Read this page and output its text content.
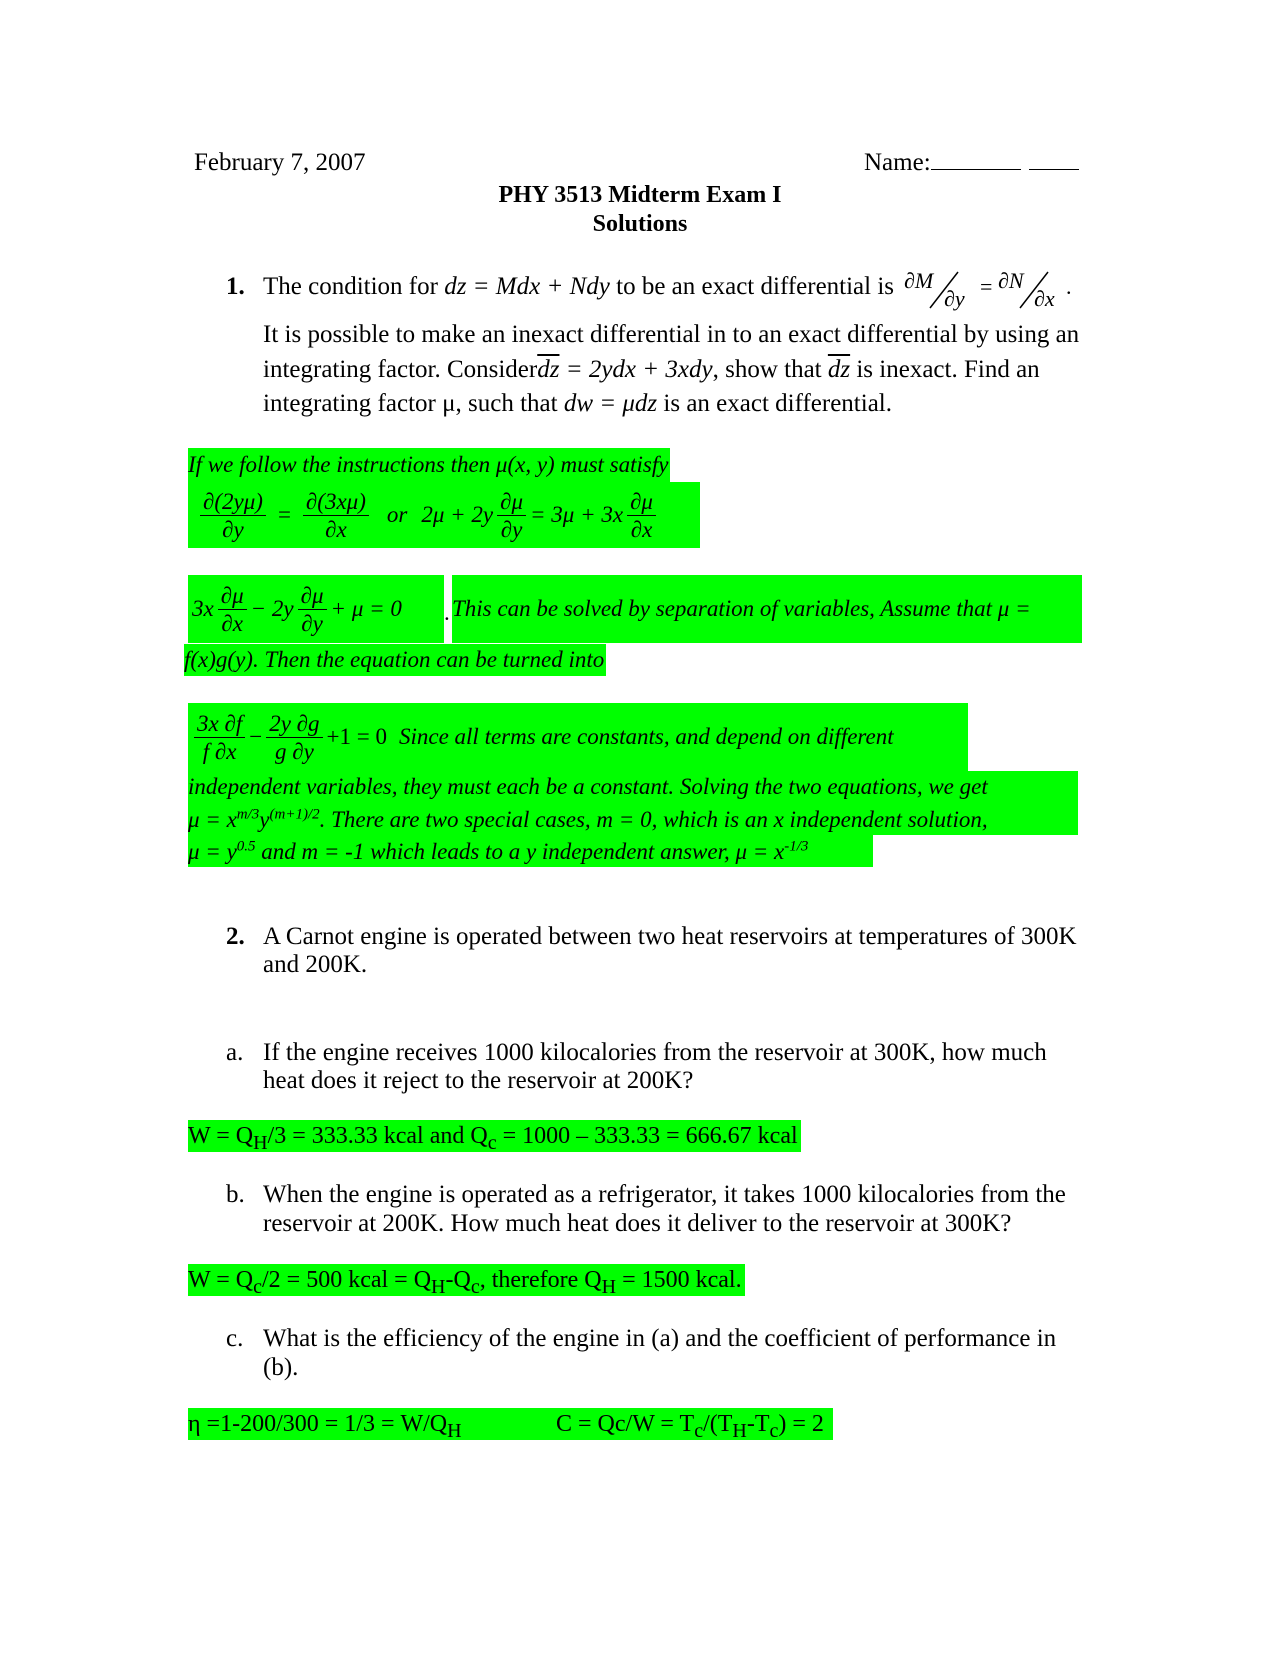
February 7, 2007	Name:
PHY 3513 Midterm Exam I
Solutions
1. The condition for dz = Mdx + Ndy to be an exact differential is ∂M
∂y = ∂N
∂x .
It is possible to make an inexact differential in to an exact differential by using an
integrating factor. $Consider\overline{dz} = 2ydx + 3xdy$, show that $\overline{dz}$ is inexact. Find an
integrating factor μ, such that dw = μdz is an exact differential.
If we follow the instructions then μ(x, y) must satisfy
$\frac{\partial(2y\mu)}{\partial y} = \frac{\partial(3x\mu)}{\partial x}$ or $2\mu + 2y \frac{\partial\mu}{\partial y} = 3\mu + 3x \frac{\partial\mu}{\partial x}$
$3x \frac{\partial\mu}{\partial x} - 2y \frac{\partial\mu}{\partial y} + \mu = 0$ . This can be solved by separation of variables, Assume that μ =
f(x)g(y). Then the equation can be turned into
$\frac{3x \partial f}{f \partial x} - \frac{2y \partial g}{g \partial y} +1 = 0$ Since all terms are constants, and depend on different
independent variables, they must each be a constant. Solving the two equations, we get
$\mu = x^{m/3}y^{(m+1)/2}$. There are two special cases, m = 0, which is an x independent solution,
$\mu = y^{0.5}$ and m = -1 which leads to a y independent answer, $\mu = x^{-1/3}$
2. A Carnot engine is operated between two heat reservoirs at temperatures of 300K
and 200K.
a. If the engine receives 1000 kilocalories from the reservoir at 300K, how much
heat does it reject to the reservoir at 200K?
$W = Q_H/3 = 333.33$ kcal and $Q_c = 1000 - 333.33 = 666.67$ kcal
b. When the engine is operated as a refrigerator, it takes 1000 kilocalories from the
reservoir at 200K. How much heat does it deliver to the reservoir at 300K?
$W = Q_c/2 = 500$ kcal = $Q_H-Q_c$, therefore $Q_H = 1500$ kcal.
c. What is the efficiency of the engine in (a) and the coefficient of performance in
(b).
$\eta =1-200/300 = 1/3 = W/Q_H$	$C = Qc/W = T_c/(T_H-T_c) = 2$
